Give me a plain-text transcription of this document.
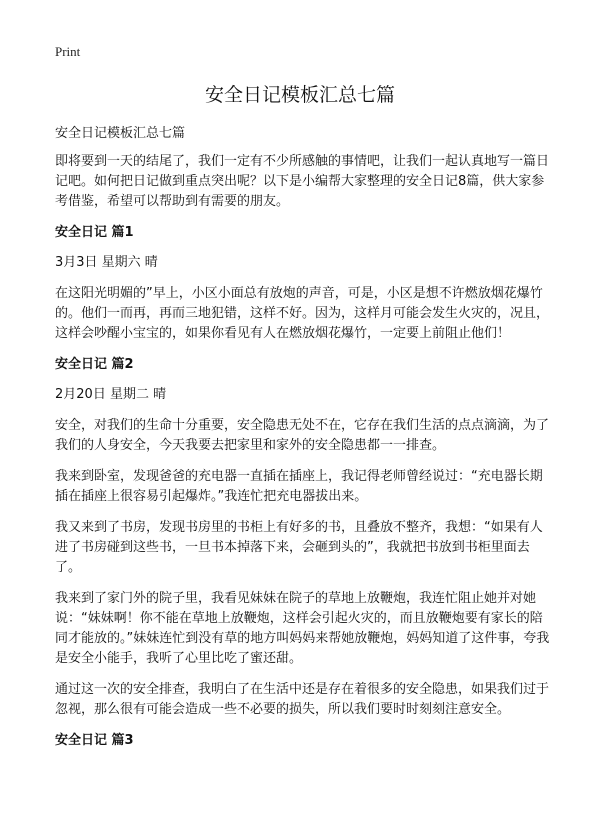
Print
安全日记模板汇总七篇

安全日记模板汇总七篇

即将要到一天的结尾了，我们一定有不少所感触的事情吧，让我们一起认真地写一篇日记吧。如何把日记做到重点突出呢？以下是小编帮大家整理的安全日记8篇，供大家参考借鉴，希望可以帮助到有需要的朋友。

安全日记 篇1

3月3日 星期六 晴

在这阳光明媚的”早上，小区小面总有放炮的声音，可是，小区是想不许燃放烟花爆竹的。他们一而再，再而三地犯错，这样不好。因为，这样月可能会发生火灾的，况且，这样会吵醒小宝宝的，如果你看见有人在燃放烟花爆竹，一定要上前阻止他们！

安全日记 篇2

2月20日 星期二 晴

安全，对我们的生命十分重要，安全隐患无处不在，它存在我们生活的点点滴滴，为了我们的人身安全，今天我要去把家里和家外的安全隐患都一一排查。

我来到卧室，发现爸爸的充电器一直插在插座上，我记得老师曾经说过：“充电器长期插在插座上很容易引起爆炸。”我连忙把充电器拔出来。

我又来到了书房，发现书房里的书柜上有好多的书，且叠放不整齐，我想：“如果有人进了书房碰到这些书，一旦书本掉落下来，会砸到头的”，我就把书放到书柜里面去了。

我来到了家门外的院子里，我看见妹妹在院子的草地上放鞭炮，我连忙阻止她并对她说：“妹妹啊！你不能在草地上放鞭炮，这样会引起火灾的，而且放鞭炮要有家长的陪同才能放的。”妹妹连忙到没有草的地方叫妈妈来帮她放鞭炮，妈妈知道了这件事，夸我是安全小能手，我听了心里比吃了蜜还甜。

通过这一次的安全排查，我明白了在生活中还是存在着很多的安全隐患，如果我们过于忽视，那么很有可能会造成一些不必要的损失，所以我们要时时刻刻注意安全。

安全日记 篇3
